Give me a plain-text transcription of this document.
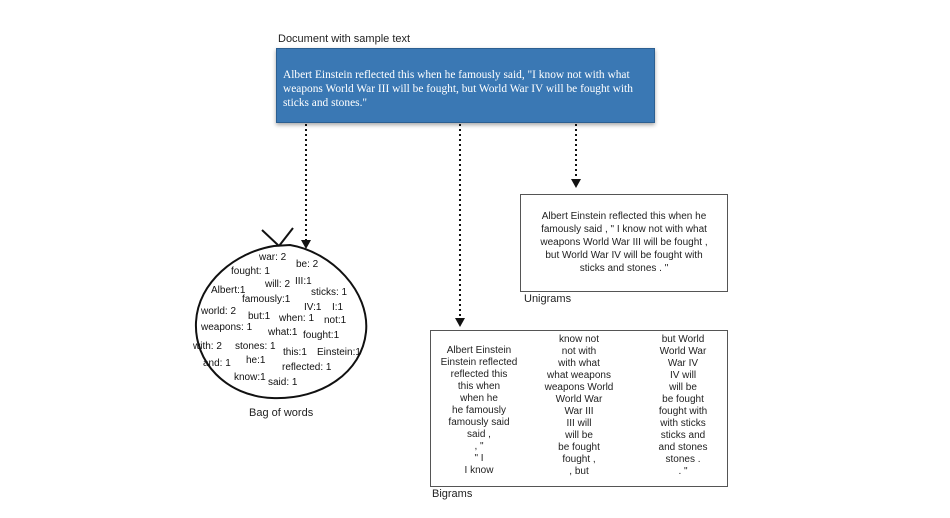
Document with sample text
Albert Einstein reflected this when he famously said, "I know not with what
weapons World War III will be fought, but World War IV will be fought with
sticks and stones."
Albert Einstein reflected this when he
famously said , " I know not with what
weapons World War III will be fought ,
but World War IV will be fought with
sticks and stones . "
Unigrams
Albert Einstein
Einstein reflected
reflected this
this when
when he
he famously
famously said
said ,
, "
" I
I know
know not
not with
with what
what weapons
weapons World
World War
War III
III will
will be
be fought
fought ,
, but
but World
World War
War IV
IV will
will be
be fought
fought with
with sticks
sticks and
and stones
stones .
. "
Bigrams
war: 2
be: 2
fought: 1
will: 2 III:1
Albert:1
famously:1
sticks: 1
IV:1 I:1
world: 2 but:1 when: 1 not:1
weapons: 1 what:1 fought:1
with: 2 stones: 1
Einstein:1
this:1
and: 1 he:1
reflected: 1
know:1 said: 1
Bag of words
